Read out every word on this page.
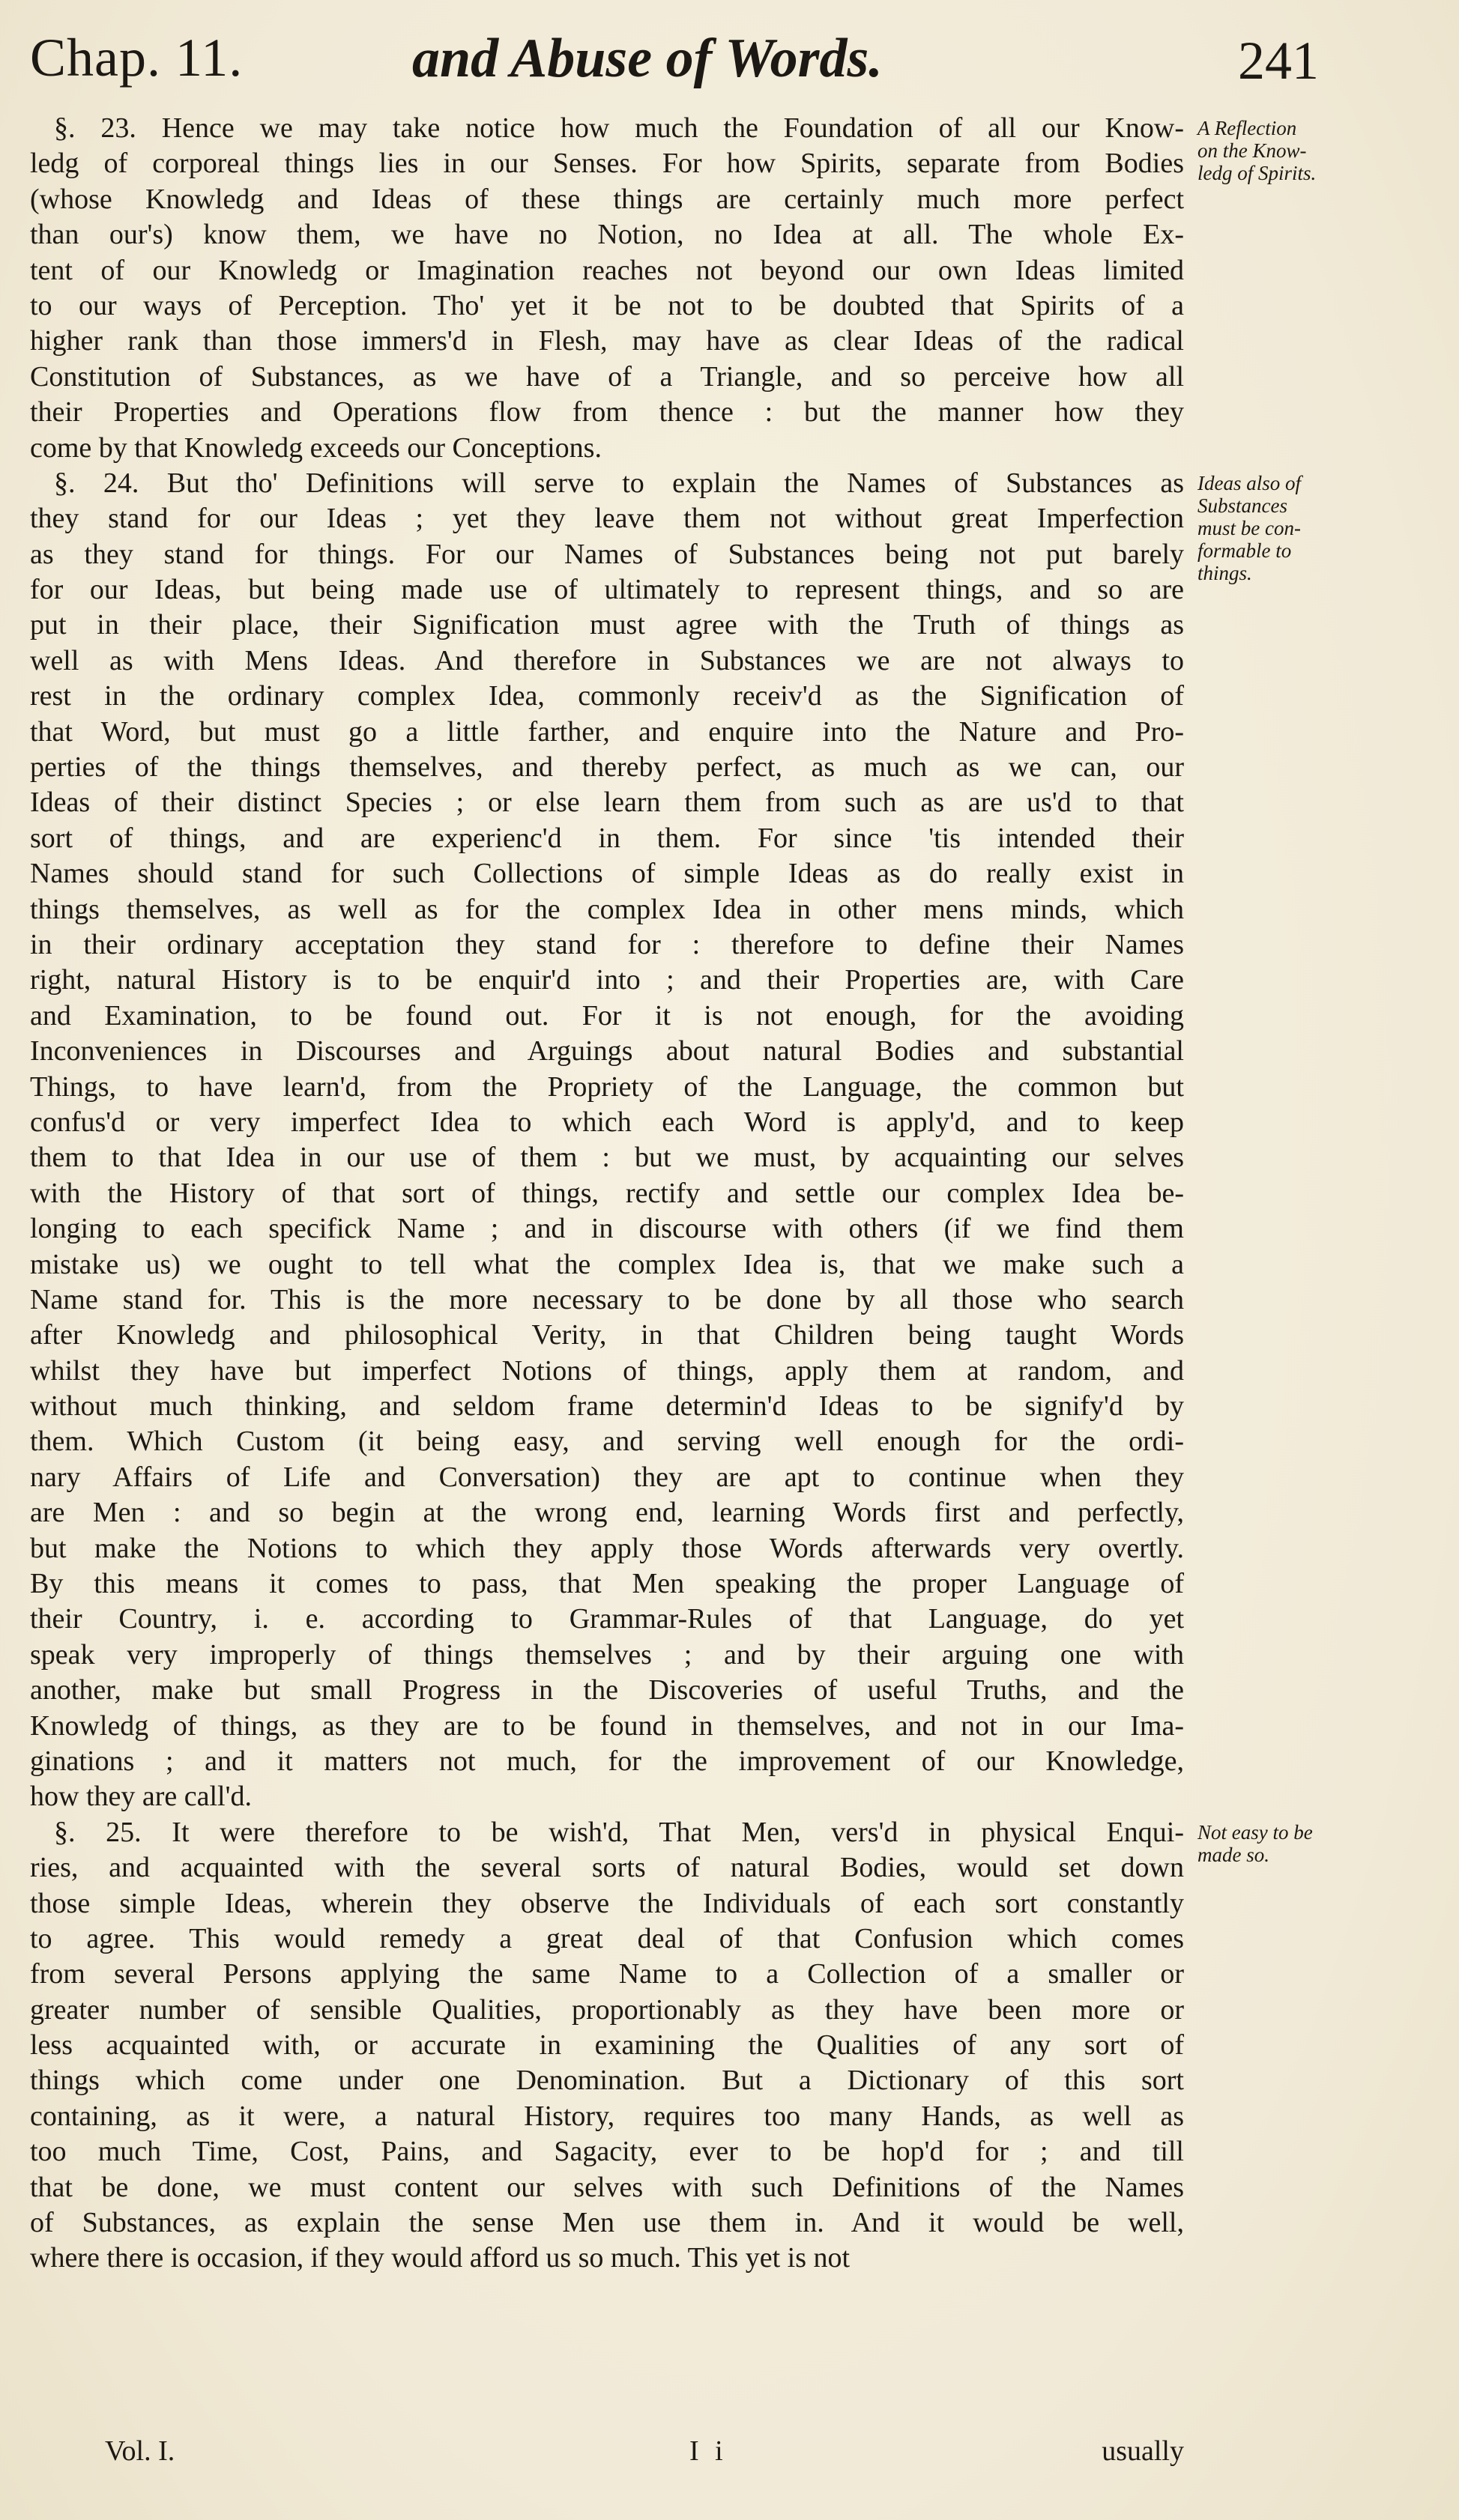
Chap. 11.	and Abuse of Words.	241
§. 23. Hence we may take notice how much the Foundation of all our Know-
ledg of corporeal things lies in our Senses. For how Spirits, separate from Bodies
(whose Knowledg and Ideas of these things are certainly much more perfect
than our's) know them, we have no Notion, no Idea at all. The whole Ex-
tent of our Knowledg or Imagination reaches not beyond our own Ideas limited
to our ways of Perception. Tho' yet it be not to be doubted that Spirits of a
higher rank than those immers'd in Flesh, may have as clear Ideas of the radical
Constitution of Substances, as we have of a Triangle, and so perceive how all
their Properties and Operations flow from thence : but the manner how they
come by that Knowledg exceeds our Conceptions.
§. 24. But tho' Definitions will serve to explain the Names of Substances as
they stand for our Ideas ; yet they leave them not without great Imperfection
as they stand for things. For our Names of Substances being not put barely
for our Ideas, but being made use of ultimately to represent things, and so are
put in their place, their Signification must agree with the Truth of things as
well as with Mens Ideas. And therefore in Substances we are not always to
rest in the ordinary complex Idea, commonly receiv'd as the Signification of
that Word, but must go a little farther, and enquire into the Nature and Pro-
perties of the things themselves, and thereby perfect, as much as we can, our
Ideas of their distinct Species ; or else learn them from such as are us'd to that
sort of things, and are experienc'd in them. For since 'tis intended their
Names should stand for such Collections of simple Ideas as do really exist in
things themselves, as well as for the complex Idea in other mens minds, which
in their ordinary acceptation they stand for : therefore to define their Names
right, natural History is to be enquir'd into ; and their Properties are, with Care
and Examination, to be found out. For it is not enough, for the avoiding
Inconveniences in Discourses and Arguings about natural Bodies and substantial
Things, to have learn'd, from the Propriety of the Language, the common but
confus'd or very imperfect Idea to which each Word is apply'd, and to keep
them to that Idea in our use of them : but we must, by acquainting our selves
with the History of that sort of things, rectify and settle our complex Idea be-
longing to each specifick Name ; and in discourse with others (if we find them
mistake us) we ought to tell what the complex Idea is, that we make such a
Name stand for. This is the more necessary to be done by all those who search
after Knowledg and philosophical Verity, in that Children being taught Words
whilst they have but imperfect Notions of things, apply them at random, and
without much thinking, and seldom frame determin'd Ideas to be signify'd by
them. Which Custom (it being easy, and serving well enough for the ordi-
nary Affairs of Life and Conversation) they are apt to continue when they
are Men : and so begin at the wrong end, learning Words first and perfectly,
but make the Notions to which they apply those Words afterwards very overtly.
By this means it comes to pass, that Men speaking the proper Language of
their Country, i. e. according to Grammar-Rules of that Language, do yet
speak very improperly of things themselves ; and by their arguing one with
another, make but small Progress in the Discoveries of useful Truths, and the
Knowledg of things, as they are to be found in themselves, and not in our Ima-
ginations ; and it matters not much, for the improvement of our Knowledge,
how they are call'd.
§. 25. It were therefore to be wish'd, That Men, vers'd in physical Enqui-
ries, and acquainted with the several sorts of natural Bodies, would set down
those simple Ideas, wherein they observe the Individuals of each sort constantly
to agree. This would remedy a great deal of that Confusion which comes
from several Persons applying the same Name to a Collection of a smaller or
greater number of sensible Qualities, proportionably as they have been more or
less acquainted with, or accurate in examining the Qualities of any sort of
things which come under one Denomination. But a Dictionary of this sort
containing, as it were, a natural History, requires too many Hands, as well as
too much Time, Cost, Pains, and Sagacity, ever to be hop'd for ; and till
that be done, we must content our selves with such Definitions of the Names
of Substances, as explain the sense Men use them in. And it would be well,
where there is occasion, if they would afford us so much. This yet is not
A Reflection
on the Know-
ledg of Spirits.
Ideas also of
Substances
must be con-
formable to
things.
Not easy to be
made so.
Vol. I.	I i	usually
